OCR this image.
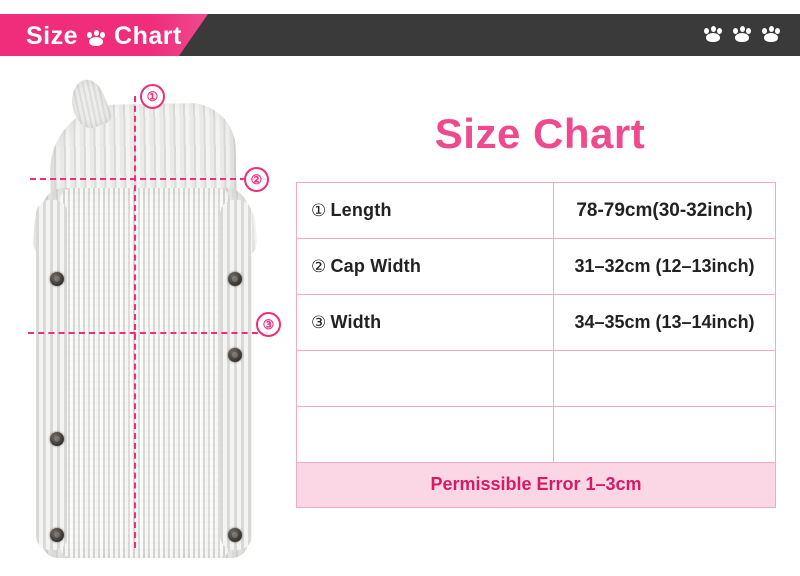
Size Chart
①
②
③
Size Chart
① Length	78-79cm(30-32inch)
② Cap Width	31–32cm (12–13inch)
③ Width	34–35cm (13–14inch)

Permissible Error 1–3cm
